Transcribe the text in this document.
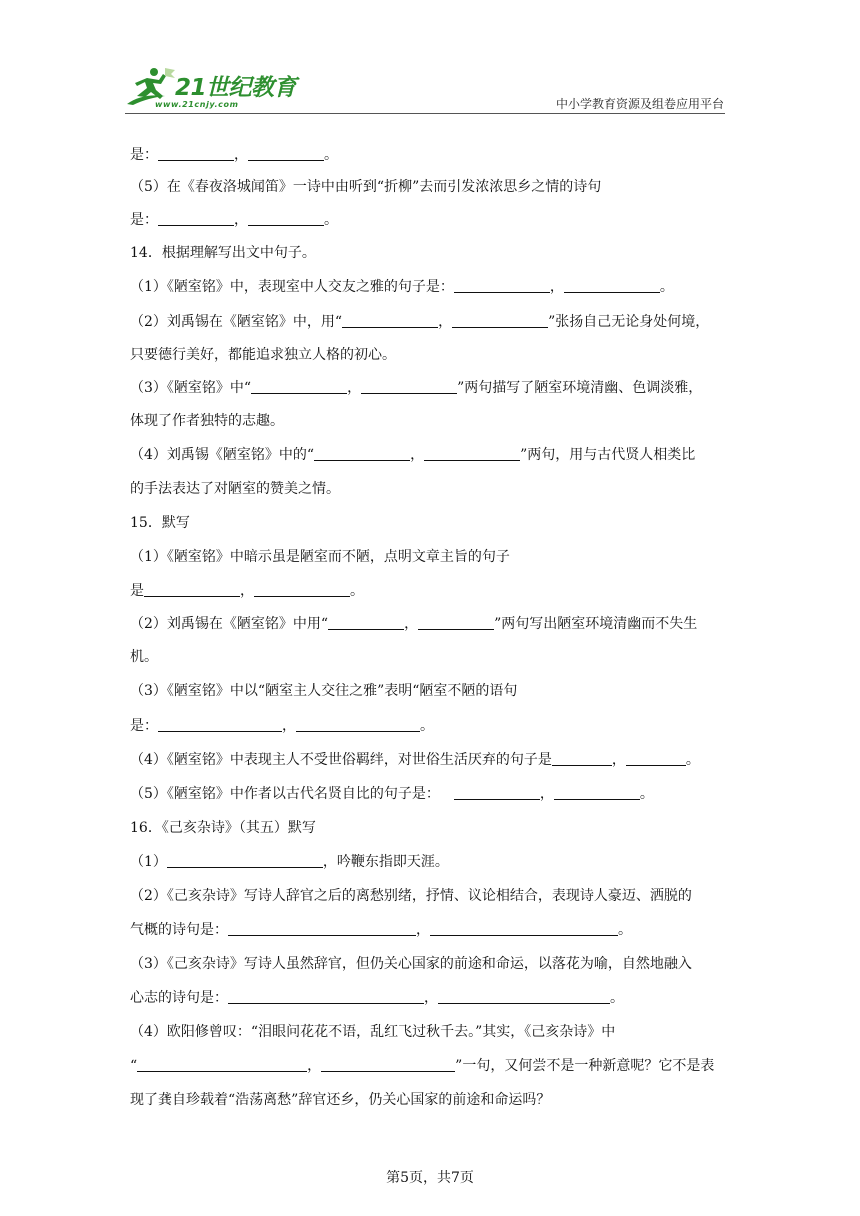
21世纪教育
www.21cnjy.com	中小学教育资源及组卷应用平台
是：	，	。
（5）在《春夜洛城闻笛》一诗中由听到“折柳”去而引发浓浓思乡之情的诗句
是：	，	。
14．根据理解写出文中句子。
（1）《陋室铭》中，表现室中人交友之雅的句子是：	，	。
（2）刘禹锡在《陋室铭》中，用“	，	”张扬自己无论身处何境，
只要德行美好，都能追求独立人格的初心。
（3）《陋室铭》中“	，	”两句描写了陋室环境清幽、色调淡雅，
体现了作者独特的志趣。
（4）刘禹锡《陋室铭》中的“	，	”两句，用与古代贤人相类比
的手法表达了对陋室的赞美之情。
15．默写
（1）《陋室铭》中暗示虽是陋室而不陋，点明文章主旨的句子
是	，	。
（2）刘禹锡在《陋室铭》中用“	，	”两句写出陋室环境清幽而不失生
机。
（3）《陋室铭》中以“陋室主人交往之雅”表明“陋室不陋的语句
是：	，	。
（4）《陋室铭》中表现主人不受世俗羁绊，对世俗生活厌弃的句子是	，	。
（5）《陋室铭》中作者以古代名贤自比的句子是：	，	。
16．《己亥杂诗》（其五）默写
（1）	，吟鞭东指即天涯。
（2）《己亥杂诗》写诗人辞官之后的离愁别绪，抒情、议论相结合，表现诗人豪迈、洒脱的
气概的诗句是：	，	。
（3）《己亥杂诗》写诗人虽然辞官，但仍关心国家的前途和命运，以落花为喻，自然地融入
心志的诗句是：	，	。
（4）欧阳修曾叹：“泪眼问花花不语，乱红飞过秋千去。”其实，《己亥杂诗》中
“	，	”一句，又何尝不是一种新意呢？它不是表
现了龚自珍载着“浩荡离愁”辞官还乡，仍关心国家的前途和命运吗？
第5页，共7页
